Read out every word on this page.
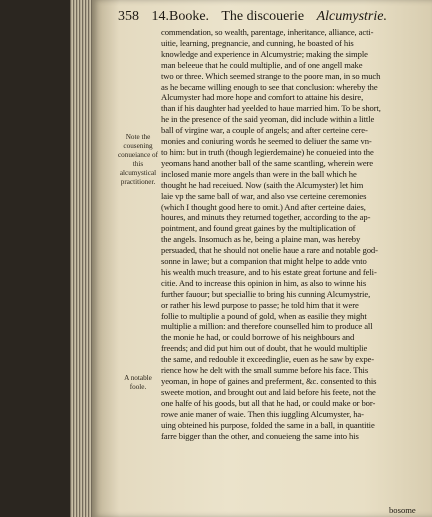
358 14.Booke. The discouerie Alcumystrie.
Note the cousening conueiance of this alcumystical practitioner.
A notable foole.
commendation, so wealth, parentage, inheritance, alliance, acti-
uitie, learning, pregnancie, and cunning, he boasted of his
knowledge and experience in Alcumystrie; making the simple
man beleeue that he could multiplie, and of one angell make
two or three. Which seemed strange to the poore man, in so much
as he became willing enough to see that conclusion: whereby the
Alcumyster had more hope and comfort to attaine his desire,
than if his daughter had yeelded to haue married him. To be short,
he in the presence of the said yeoman, did include within a little
ball of virgine war, a couple of angels; and after certeine cere-
monies and coniuring words he seemed to deliuer the same vn-
to him: but in truth (though legierdemaine) he conueied into the
yeomans hand another ball of the same scantling, wherein were
inclosed manie more angels than were in the ball which he
thought he had receiued. Now (saith the Alcumyster) let him
laie vp the same ball of war, and also vse certeine ceremonies
(which I thought good here to omit.) And after certeine daies,
houres, and minuts they returned together, according to the ap-
pointment, and found great gaines by the multiplication of
the angels. Insomuch as he, being a plaine man, was hereby
persuaded, that he should not onelie haue a rare and notable god-
sonne in lawe; but a companion that might helpe to adde vnto
his wealth much treasure, and to his estate great fortune and feli-
citie. And to increase this opinion in him, as also to winne his
further fauour; but speciallie to bring his cunning Alcumystrie,
or rather his lewd purpose to passe; he told him that it were
follie to multiplie a pound of gold, when as easilie they might
multiplie a million: and therefore counselled him to produce all
the monie he had, or could borrowe of his neighbours and
freends; and did put him out of doubt, that he would multiplie
the same, and redouble it exceedinglie, euen as he saw by expe-
rience how he delt with the small summe before his face. This
yeoman, in hope of gaines and preferment, &c. consented to this
sweete motion, and brought out and laid before his feete, not the
one halfe of his goods, but all that he had, or could make or bor-
rowe anie maner of waie. Then this iuggling Alcumyster, ha-
uing obteined his purpose, folded the same in a ball, in quantitie
farre bigger than the other, and conueieng the same into his
bosome
